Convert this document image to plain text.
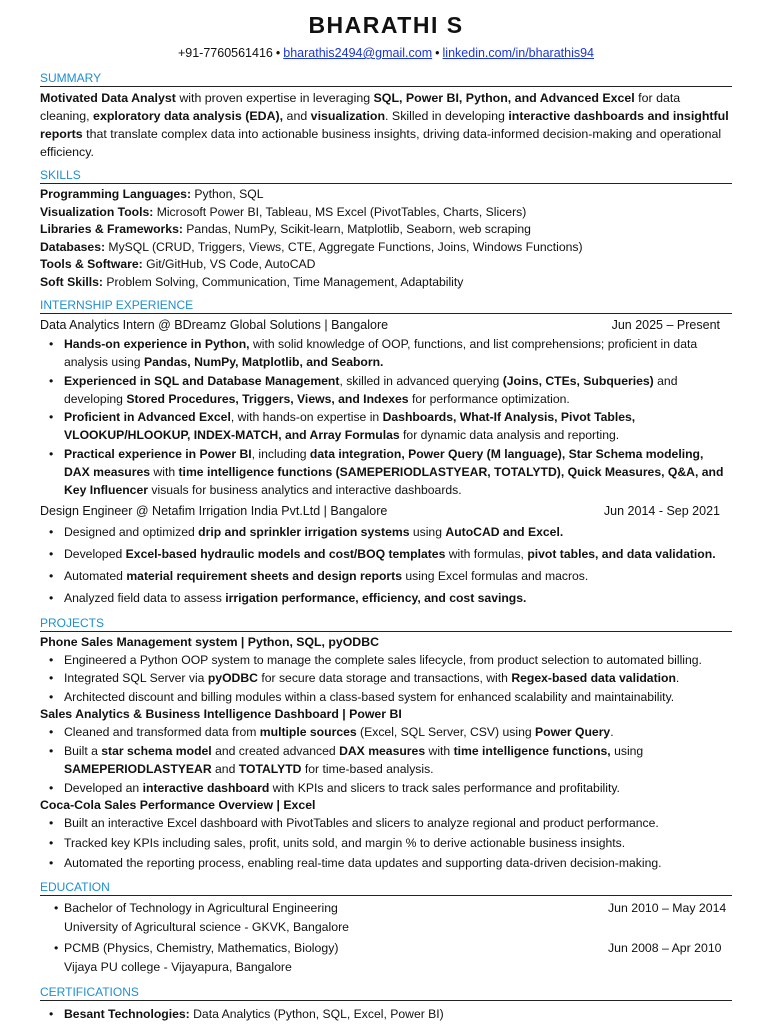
BHARATHI S
+91-7760561416 • bharathis2494@gmail.com • linkedin.com/in/bharathis94
SUMMARY
Motivated Data Analyst with proven expertise in leveraging SQL, Power BI, Python, and Advanced Excel for data cleaning, exploratory data analysis (EDA), and visualization. Skilled in developing interactive dashboards and insightful reports that translate complex data into actionable business insights, driving data-informed decision-making and operational efficiency.
SKILLS
Programming Languages: Python, SQL
Visualization Tools: Microsoft Power BI, Tableau, MS Excel (PivotTables, Charts, Slicers)
Libraries & Frameworks: Pandas, NumPy, Scikit-learn, Matplotlib, Seaborn, web scraping
Databases: MySQL (CRUD, Triggers, Views, CTE, Aggregate Functions, Joins, Windows Functions)
Tools & Software: Git/GitHub, VS Code, AutoCAD
Soft Skills: Problem Solving, Communication, Time Management, Adaptability
INTERNSHIP EXPERIENCE
Data Analytics Intern @ BDreamz Global Solutions | Bangalore	Jun 2025 – Present
• Hands-on experience in Python, with solid knowledge of OOP, functions, and list comprehensions; proficient in data analysis using Pandas, NumPy, Matplotlib, and Seaborn.
• Experienced in SQL and Database Management, skilled in advanced querying (Joins, CTEs, Subqueries) and developing Stored Procedures, Triggers, Views, and Indexes for performance optimization.
• Proficient in Advanced Excel, with hands-on expertise in Dashboards, What-If Analysis, Pivot Tables, VLOOKUP/HLOOKUP, INDEX-MATCH, and Array Formulas for dynamic data analysis and reporting.
• Practical experience in Power BI, including data integration, Power Query (M language), Star Schema modeling, DAX measures with time intelligence functions (SAMEPERIODLASTYEAR, TOTALYTD), Quick Measures, Q&A, and Key Influencer visuals for business analytics and interactive dashboards.
Design Engineer @ Netafim Irrigation India Pvt.Ltd | Bangalore	Jun 2014 - Sep 2021
• Designed and optimized drip and sprinkler irrigation systems using AutoCAD and Excel.
• Developed Excel-based hydraulic models and cost/BOQ templates with formulas, pivot tables, and data validation.
• Automated material requirement sheets and design reports using Excel formulas and macros.
• Analyzed field data to assess irrigation performance, efficiency, and cost savings.
PROJECTS
Phone Sales Management system | Python, SQL, pyODBC
• Engineered a Python OOP system to manage the complete sales lifecycle, from product selection to automated billing.
• Integrated SQL Server via pyODBC for secure data storage and transactions, with Regex-based data validation.
• Architected discount and billing modules within a class-based system for enhanced scalability and maintainability.
Sales Analytics & Business Intelligence Dashboard | Power BI
• Cleaned and transformed data from multiple sources (Excel, SQL Server, CSV) using Power Query.
• Built a star schema model and created advanced DAX measures with time intelligence functions, using SAMEPERIODLASTYEAR and TOTALYTD for time-based analysis.
• Developed an interactive dashboard with KPIs and slicers to track sales performance and profitability.
Coca-Cola Sales Performance Overview | Excel
• Built an interactive Excel dashboard with PivotTables and slicers to analyze regional and product performance.
• Tracked key KPIs including sales, profit, units sold, and margin % to derive actionable business insights.
• Automated the reporting process, enabling real-time data updates and supporting data-driven decision-making.
EDUCATION
• Bachelor of Technology in Agricultural Engineering	Jun 2010 – May 2014
University of Agricultural science - GKVK, Bangalore
• PCMB (Physics, Chemistry, Mathematics, Biology)	Jun 2008 – Apr 2010
Vijaya PU college - Vijayapura, Bangalore
CERTIFICATIONS
• Besant Technologies: Data Analytics (Python, SQL, Excel, Power BI)
